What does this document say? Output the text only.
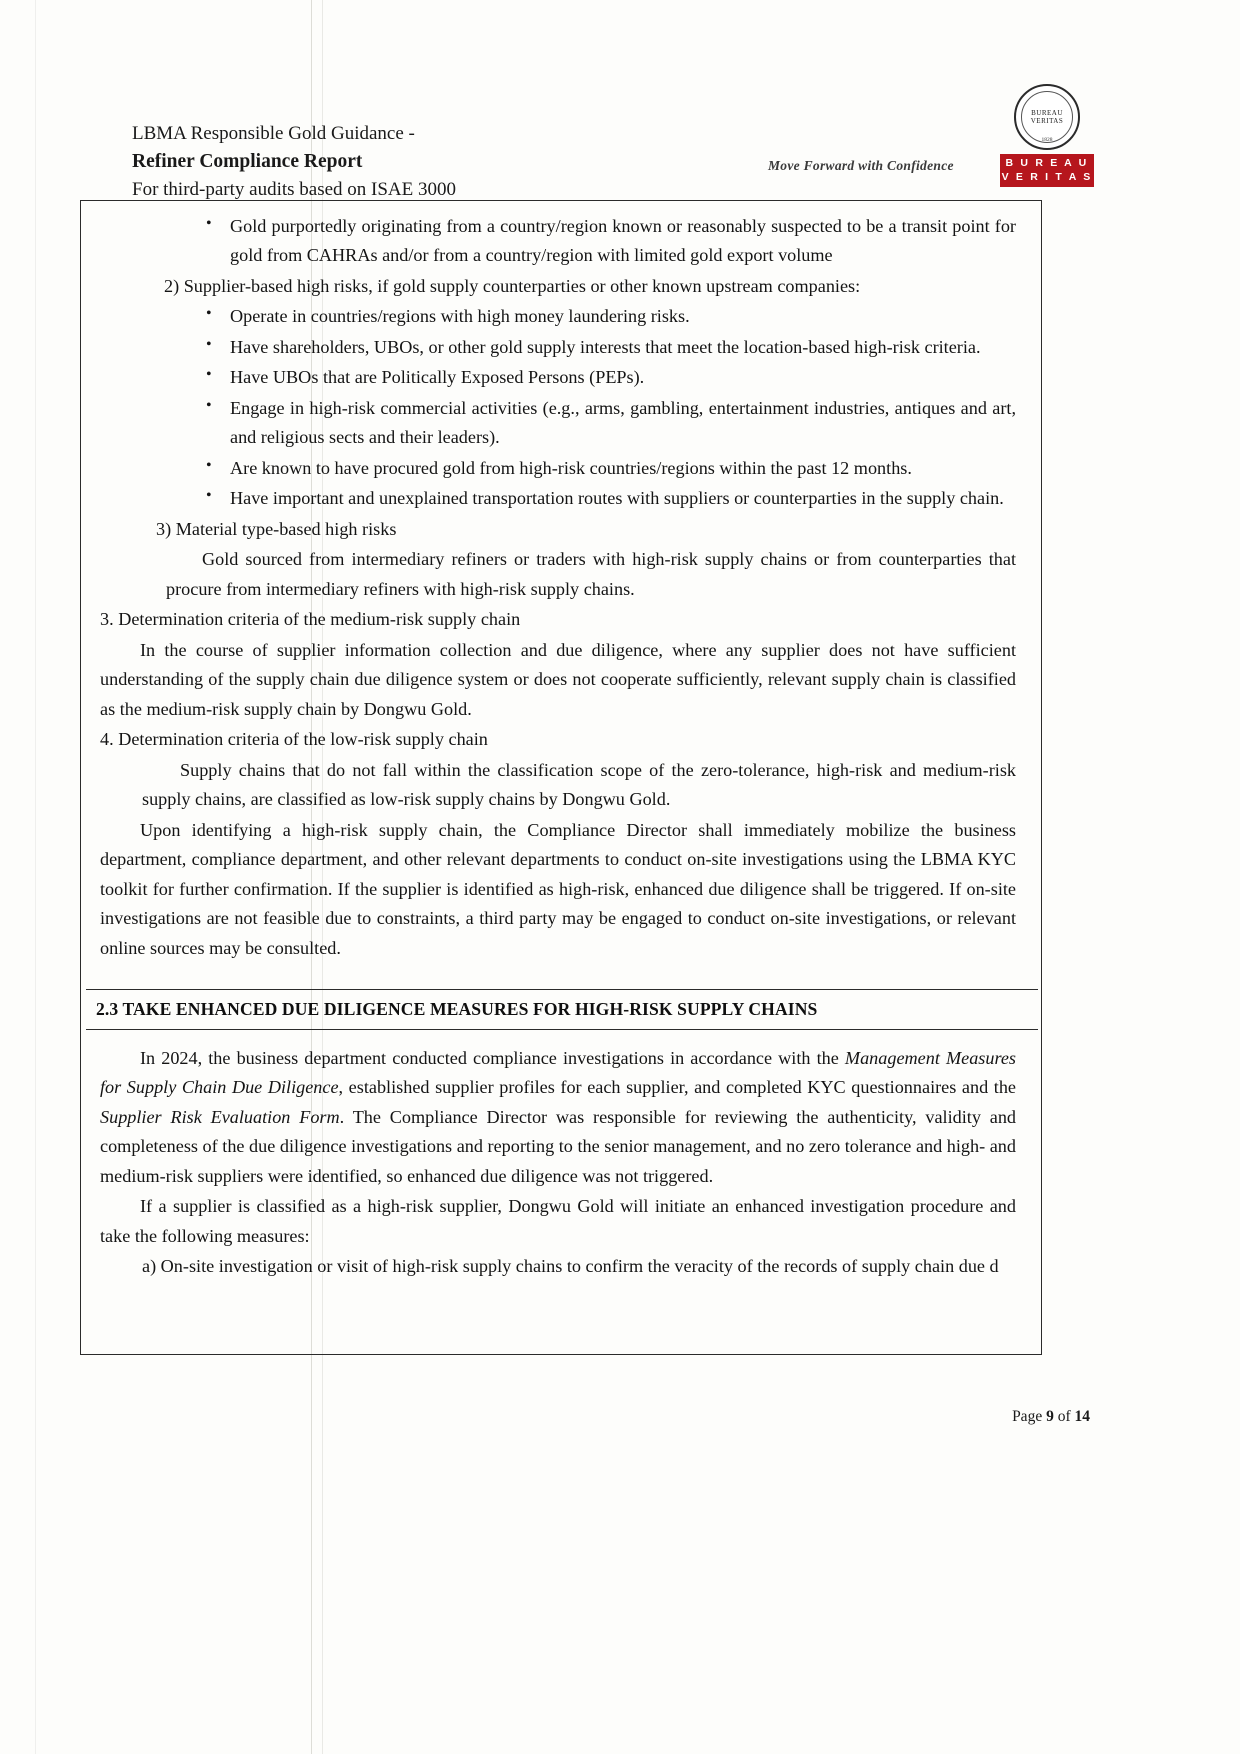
LBMA Responsible Gold Guidance -
Refiner Compliance Report
For third-party audits based on ISAE 3000
Move Forward with Confidence
BUREAU VERITAS
1828
B U R E A U
V E R I T A S
• Gold purportedly originating from a country/region known or reasonably suspected to be a transit point for gold from CAHRAs and/or from a country/region with limited gold export volume

2) Supplier-based high risks, if gold supply counterparties or other known upstream companies:

• Operate in countries/regions with high money laundering risks.
• Have shareholders, UBOs, or other gold supply interests that meet the location-based high-risk criteria.
• Have UBOs that are Politically Exposed Persons (PEPs).
• Engage in high-risk commercial activities (e.g., arms, gambling, entertainment industries, antiques and art, and religious sects and their leaders).
• Are known to have procured gold from high-risk countries/regions within the past 12 months.
• Have important and unexplained transportation routes with suppliers or counterparties in the supply chain.

3) Material type-based high risks

Gold sourced from intermediary refiners or traders with high-risk supply chains or from counterparties that procure from intermediary refiners with high-risk supply chains.

3. Determination criteria of the medium-risk supply chain

In the course of supplier information collection and due diligence, where any supplier does not have sufficient understanding of the supply chain due diligence system or does not cooperate sufficiently, relevant supply chain is classified as the medium-risk supply chain by Dongwu Gold.

4. Determination criteria of the low-risk supply chain

Supply chains that do not fall within the classification scope of the zero-tolerance, high-risk and medium-risk supply chains, are classified as low-risk supply chains by Dongwu Gold.

Upon identifying a high-risk supply chain, the Compliance Director shall immediately mobilize the business department, compliance department, and other relevant departments to conduct on-site investigations using the LBMA KYC toolkit for further confirmation. If the supplier is identified as high-risk, enhanced due diligence shall be triggered. If on-site investigations are not feasible due to constraints, a third party may be engaged to conduct on-site investigations, or relevant online sources may be consulted.

2.3 TAKE ENHANCED DUE DILIGENCE MEASURES FOR HIGH-RISK SUPPLY CHAINS

In 2024, the business department conducted compliance investigations in accordance with the Management Measures for Supply Chain Due Diligence, established supplier profiles for each supplier, and completed KYC questionnaires and the Supplier Risk Evaluation Form. The Compliance Director was responsible for reviewing the authenticity, validity and completeness of the due diligence investigations and reporting to the senior management, and no zero tolerance and high- and medium-risk suppliers were identified, so enhanced due diligence was not triggered.

If a supplier is classified as a high-risk supplier, Dongwu Gold will initiate an enhanced investigation procedure and take the following measures:

a) On-site investigation or visit of high-risk supply chains to confirm the veracity of the records of supply chain due d

Page 9 of 14
